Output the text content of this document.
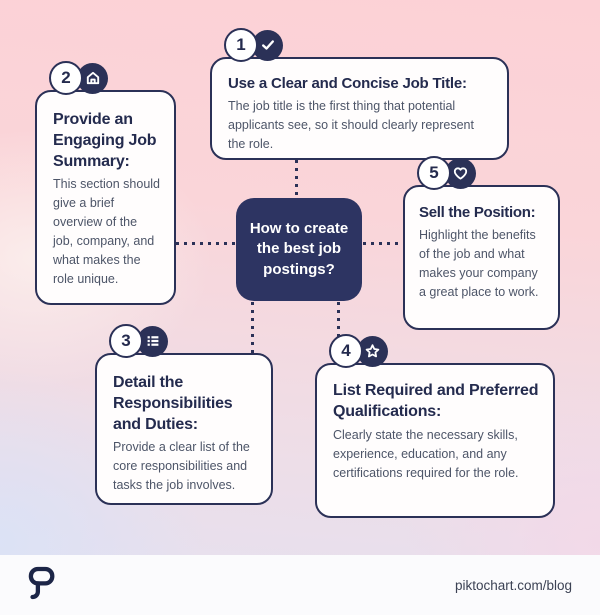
How to create the best job postings?
1

Use a Clear and Concise Job Title:

The job title is the first thing that potential applicants see, so it should clearly represent the role.

2

Provide an Engaging Job Summary:

This section should give a brief overview of the job, company, and what makes the role unique.

3

Detail the Responsibilities and Duties:

Provide a clear list of the core responsibilities and tasks the job involves.

4

List Required and Preferred Qualifications:

Clearly state the necessary skills, experience, education, and any certifications required for the role.

5

Sell the Position:

Highlight the benefits of the job and what makes your company a great place to work.

piktochart.com/blog
